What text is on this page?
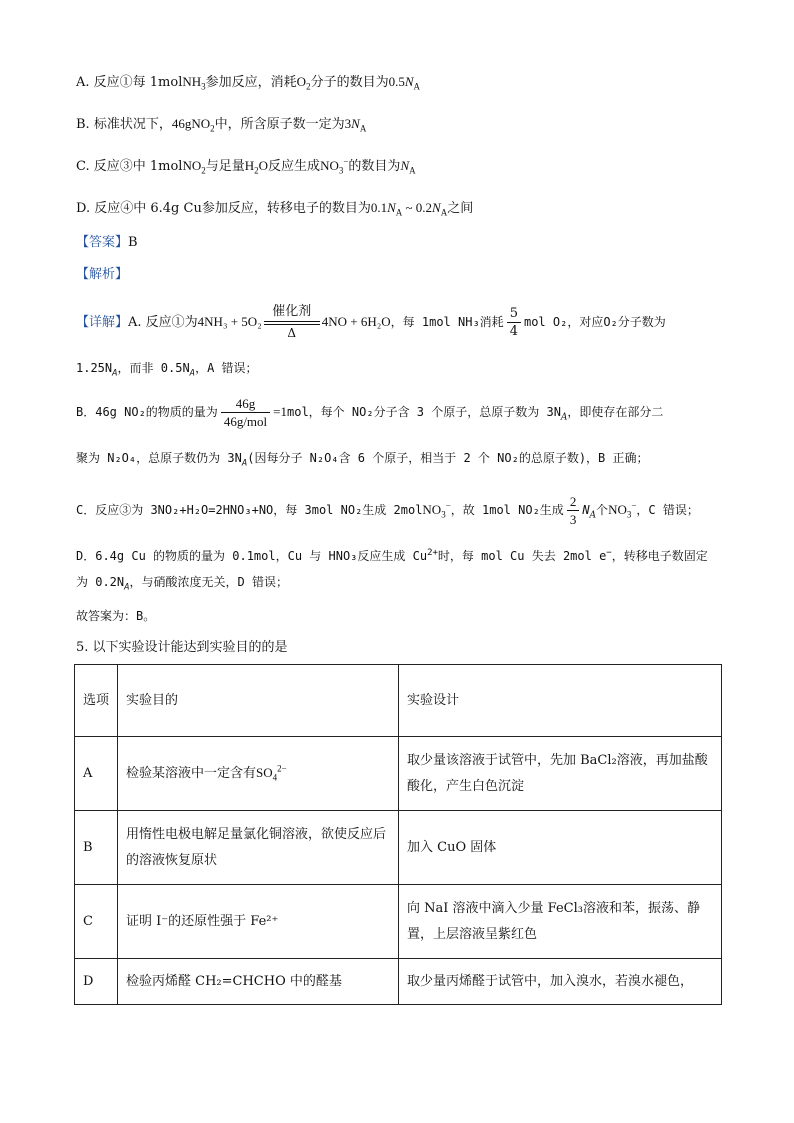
A. 反应①每 1molNH$_3$参加反应，消耗$O_2$分子的数目为$0.5N_A$
B. 标准状况下，46gNO$_2$中，所含原子数一定为$3N_A$
C. 反应③中 1molNO$_2$与足量$H_2O$反应生成$NO_3^-$的数目为$N_A$
D. 反应④中 6.4g Cu参加反应，转移电子的数目为$0.1N_A$ ~ $0.2N_A$之间
【答案】B
【解析】
【详解】A. 反应①为4NH₃ + 5O₂
催化剂
Δ
4NO + 6H₂O，每 1mol NH₃消耗 $\frac{5}{4}$ mol O₂，对应O₂分子数为
$1.25N_A$，而非 $0.5N_A$，A 错误；
B．46g NO₂的物质的量为 $\frac{46g}{\text{46g/mol}} =1mol$，每个 NO₂分子含 3 个原子，总原子数为 $3N_A$，即使存在部分二
聚为 N₂O₄，总原子数仍为 $3N_A$(因每分子 N₂O₄含 6 个原子，相当于 2 个 NO₂的总原子数)，B 正确；
C．反应③为 3NO₂+H₂O=2HNO₃+NO，每 3mol NO₂生成 2molNO$_3$−，故 1mol NO₂生成 $\frac{2}{3} N_A$个$NO_3^-$，C 错误；
D．6.4g Cu 的物质的量为 0.1mol，Cu 与 HNO₃反应生成 $Cu^{2+}$时，每 mol Cu 失去 2mol e−，转移电子数固定
为 $0.2N_A$，与硝酸浓度无关，D 错误；
故答案为：B。
5. 以下实验设计能达到实验目的的是
选项	实验目的	实验设计
A	检验某溶液中一定含有$SO_4^{2-}$	取少量该溶液于试管中，先加 BaCl₂溶液，再加盐酸酸化，产生白色沉淀
B	用惰性电极电解足量氯化铜溶液，欲使反应后的溶液恢复原状	加入 CuO 固体
C	证明 I⁻的还原性强于 Fe²⁺	向 NaI 溶液中滴入少量 FeCl₃溶液和苯，振荡、静置，上层溶液呈紫红色
D	检验丙烯醛 CH₂=CHCHO 中的醛基	取少量丙烯醛于试管中，加入溴水，若溴水褪色，
